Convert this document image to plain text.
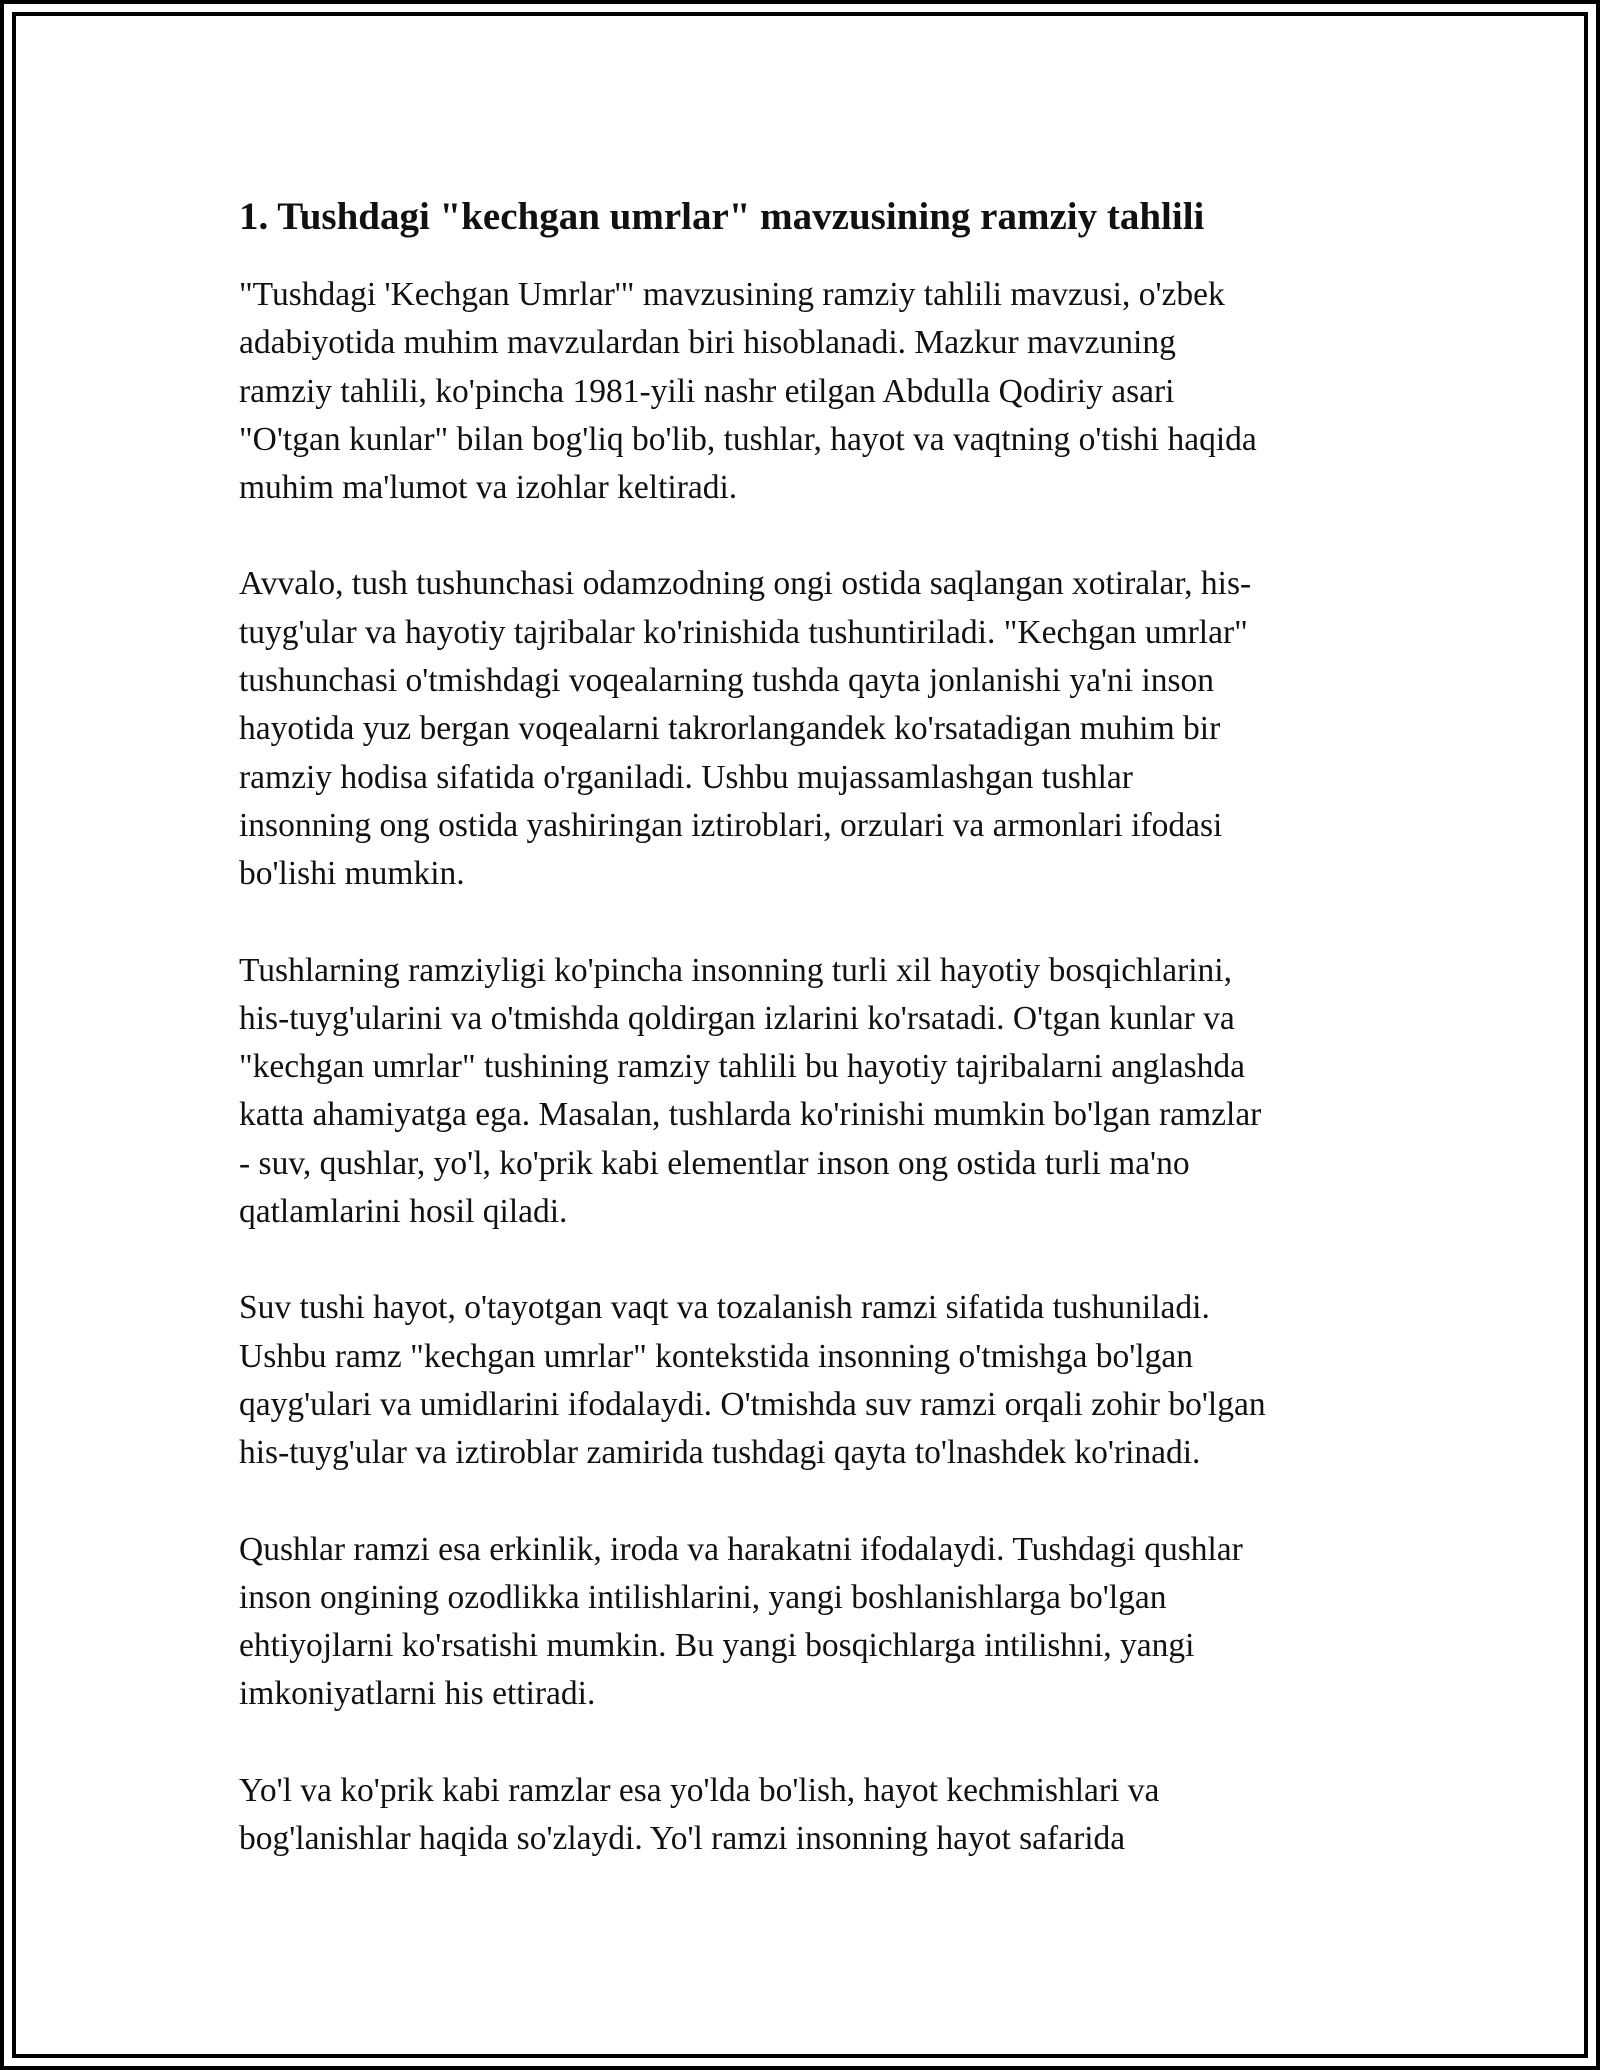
1. Tushdagi "kechgan umrlar" mavzusining ramziy tahlili

"Tushdagi 'Kechgan Umrlar'" mavzusining ramziy tahlili mavzusi, o'zbek
adabiyotida muhim mavzulardan biri hisoblanadi. Mazkur mavzuning
ramziy tahlili, ko'pincha 1981-yili nashr etilgan Abdulla Qodiriy asari
"O'tgan kunlar" bilan bog'liq bo'lib, tushlar, hayot va vaqtning o'tishi haqida
muhim ma'lumot va izohlar keltiradi.

Avvalo, tush tushunchasi odamzodning ongi ostida saqlangan xotiralar, his-
tuyg'ular va hayotiy tajribalar ko'rinishida tushuntiriladi. "Kechgan umrlar"
tushunchasi o'tmishdagi voqealarning tushda qayta jonlanishi ya'ni inson
hayotida yuz bergan voqealarni takrorlangandek ko'rsatadigan muhim bir
ramziy hodisa sifatida o'rganiladi. Ushbu mujassamlashgan tushlar
insonning ong ostida yashiringan iztiroblari, orzulari va armonlari ifodasi
bo'lishi mumkin.

Tushlarning ramziyligi ko'pincha insonning turli xil hayotiy bosqichlarini,
his-tuyg'ularini va o'tmishda qoldirgan izlarini ko'rsatadi. O'tgan kunlar va
"kechgan umrlar" tushining ramziy tahlili bu hayotiy tajribalarni anglashda
katta ahamiyatga ega. Masalan, tushlarda ko'rinishi mumkin bo'lgan ramzlar
- suv, qushlar, yo'l, ko'prik kabi elementlar inson ong ostida turli ma'no
qatlamlarini hosil qiladi.

Suv tushi hayot, o'tayotgan vaqt va tozalanish ramzi sifatida tushuniladi.
Ushbu ramz "kechgan umrlar" kontekstida insonning o'tmishga bo'lgan
qayg'ulari va umidlarini ifodalaydi. O'tmishda suv ramzi orqali zohir bo'lgan
his-tuyg'ular va iztiroblar zamirida tushdagi qayta to'lnashdek ko'rinadi.

Qushlar ramzi esa erkinlik, iroda va harakatni ifodalaydi. Tushdagi qushlar
inson ongining ozodlikka intilishlarini, yangi boshlanishlarga bo'lgan
ehtiyojlarni ko'rsatishi mumkin. Bu yangi bosqichlarga intilishni, yangi
imkoniyatlarni his ettiradi.

Yo'l va ko'prik kabi ramzlar esa yo'lda bo'lish, hayot kechmishlari va
bog'lanishlar haqida so'zlaydi. Yo'l ramzi insonning hayot safarida
